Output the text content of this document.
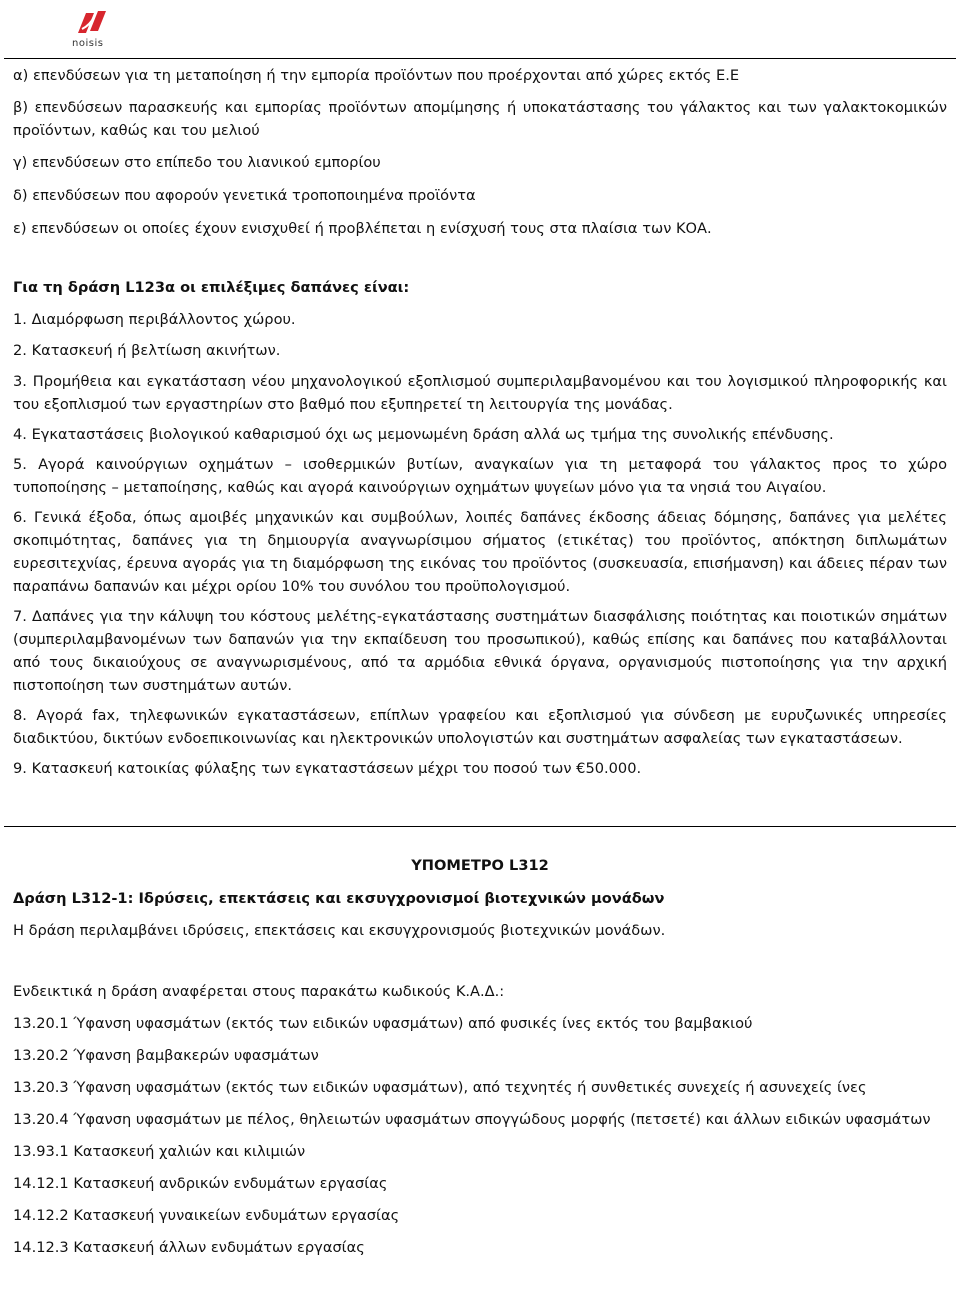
noisis

α) επενδύσεων για τη μεταποίηση ή την εμπορία προϊόντων που προέρχονται από χώρες εκτός Ε.Ε

β) επενδύσεων παρασκευής και εμπορίας προϊόντων απομίμησης ή υποκατάστασης του γάλακτος και των γαλακτοκομικών προϊόντων, καθώς και του μελιού

γ) επενδύσεων στο επίπεδο του λιανικού εμπορίου

δ) επενδύσεων που αφορούν γενετικά τροποποιημένα προϊόντα

ε) επενδύσεων οι οποίες έχουν ενισχυθεί ή προβλέπεται η ενίσχυσή τους στα πλαίσια των ΚΟΑ.

Για τη δράση L123α οι επιλέξιμες δαπάνες είναι:

1. Διαμόρφωση περιβάλλοντος χώρου.

2. Κατασκευή ή βελτίωση ακινήτων.

3. Προμήθεια και εγκατάσταση νέου μηχανολογικού εξοπλισμού συμπεριλαμβανομένου και του λογισμικού πληροφορικής και του εξοπλισμού των εργαστηρίων στο βαθμό που εξυπηρετεί τη λειτουργία της μονάδας.

4. Εγκαταστάσεις βιολογικού καθαρισμού όχι ως μεμονωμένη δράση αλλά ως τμήμα της συνολικής επένδυσης.

5. Αγορά καινούργιων οχημάτων – ισοθερμικών βυτίων, αναγκαίων για τη μεταφορά του γάλακτος προς το χώρο τυποποίησης – μεταποίησης, καθώς και αγορά καινούργιων οχημάτων ψυγείων μόνο για τα νησιά του Αιγαίου.

6. Γενικά έξοδα, όπως αμοιβές μηχανικών και συμβούλων, λοιπές δαπάνες έκδοσης άδειας δόμησης, δαπάνες για μελέτες σκοπιμότητας, δαπάνες για τη δημιουργία αναγνωρίσιμου σήματος (ετικέτας) του προϊόντος, απόκτηση διπλωμάτων ευρεσιτεχνίας, έρευνα αγοράς για τη διαμόρφωση της εικόνας του προϊόντος (συσκευασία, επισήμανση) και άδειες πέραν των παραπάνω δαπανών και μέχρι ορίου 10% του συνόλου του προϋπολογισμού.

7. Δαπάνες για την κάλυψη του κόστους μελέτης-εγκατάστασης συστημάτων διασφάλισης ποιότητας και ποιοτικών σημάτων (συμπεριλαμβανομένων των δαπανών για την εκπαίδευση του προσωπικού), καθώς επίσης και δαπάνες που καταβάλλονται από τους δικαιούχους σε αναγνωρισμένους, από τα αρμόδια εθνικά όργανα, οργανισμούς πιστοποίησης για την αρχική πιστοποίηση των συστημάτων αυτών.

8. Αγορά fax, τηλεφωνικών εγκαταστάσεων, επίπλων γραφείου και εξοπλισμού για σύνδεση με ευρυζωνικές υπηρεσίες διαδικτύου, δικτύων ενδοεπικοινωνίας και ηλεκτρονικών υπολογιστών και συστημάτων ασφαλείας των εγκαταστάσεων.

9. Κατασκευή κατοικίας φύλαξης των εγκαταστάσεων μέχρι του ποσού των €50.000.

ΥΠΟΜΕΤΡΟ L312

Δράση L312-1: Ιδρύσεις, επεκτάσεις και εκσυγχρονισμοί βιοτεχνικών μονάδων

Η δράση περιλαμβάνει ιδρύσεις, επεκτάσεις και εκσυγχρονισμούς βιοτεχνικών μονάδων.

Ενδεικτικά η δράση αναφέρεται στους παρακάτω κωδικούς Κ.Α.Δ.:

13.20.1 Ύφανση υφασμάτων (εκτός των ειδικών υφασμάτων) από φυσικές ίνες εκτός του βαμβακιού

13.20.2 Ύφανση βαμβακερών υφασμάτων

13.20.3 Ύφανση υφασμάτων (εκτός των ειδικών υφασμάτων), από τεχνητές ή συνθετικές συνεχείς ή ασυνεχείς ίνες

13.20.4 Ύφανση υφασμάτων με πέλος, θηλειωτών υφασμάτων σπογγώδους μορφής (πετσετέ) και άλλων ειδικών υφασμάτων

13.93.1 Κατασκευή χαλιών και κιλιμιών

14.12.1 Κατασκευή ανδρικών ενδυμάτων εργασίας

14.12.2 Κατασκευή γυναικείων ενδυμάτων εργασίας

14.12.3 Κατασκευή άλλων ενδυμάτων εργασίας
